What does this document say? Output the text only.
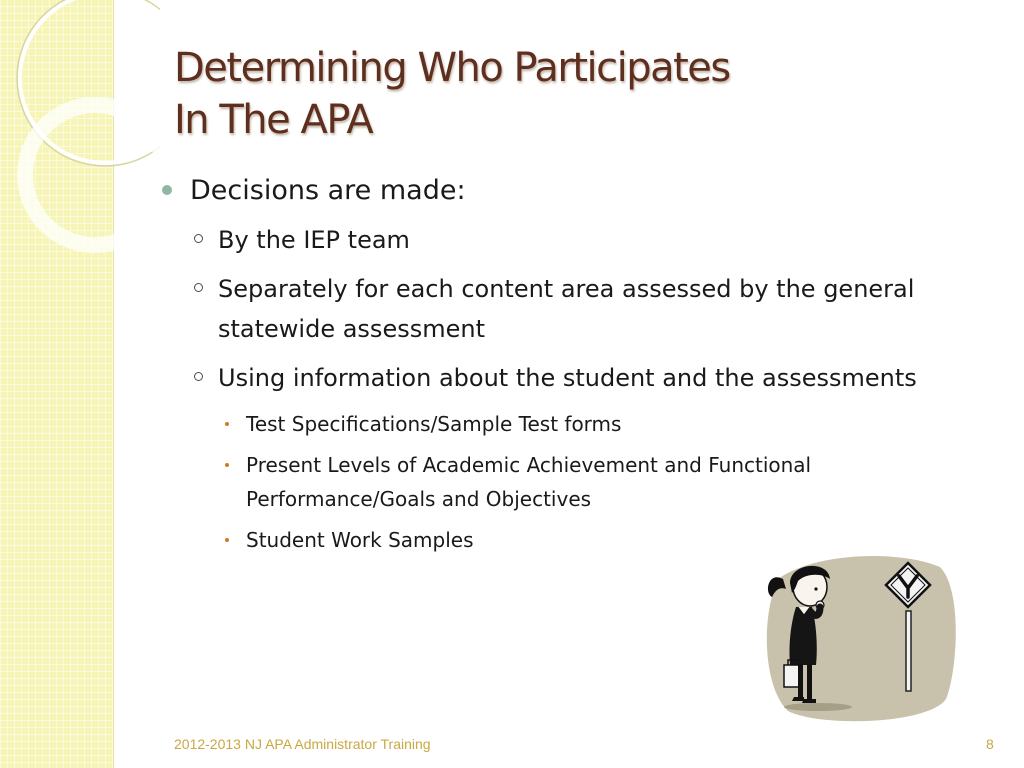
Determining Who Participates
In The APA
Decisions are made:
By the IEP team
Separately for each content area assessed by the general statewide assessment
Using information about the student and the assessments
Test Specifications/Sample Test forms
Present Levels of Academic Achievement and Functional Performance/Goals and Objectives
Student Work Samples
2012-2013 NJ APA Administrator Training	8
